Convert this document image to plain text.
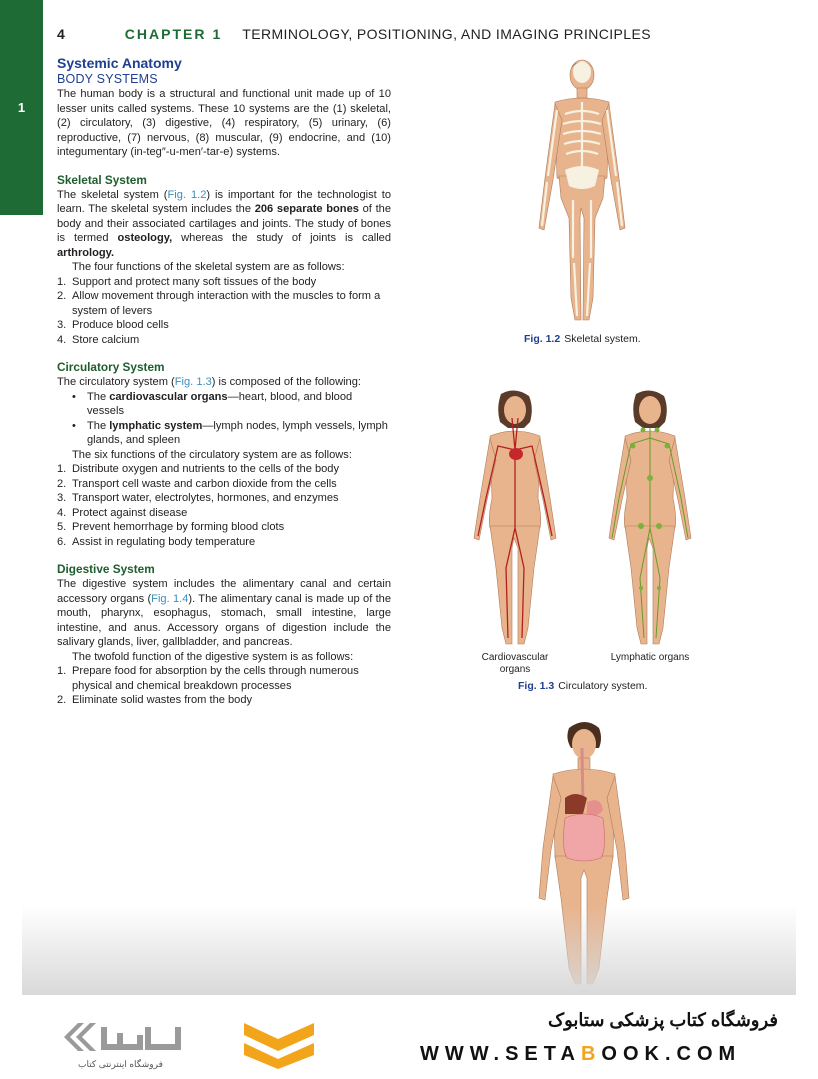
1
4	CHAPTER 1 TERMINOLOGY, POSITIONING, AND IMAGING PRINCIPLES
Systemic Anatomy
BODY SYSTEMS

The human body is a structural and functional unit made up of 10 lesser units called systems. These 10 systems are the (1) skeletal, (2) circulatory, (3) digestive, (4) respiratory, (5) urinary, (6) reproductive, (7) nervous, (8) muscular, (9) endocrine, and (10) integumentary (in-teg″-u-men′-tar-e) systems.

Skeletal System

The skeletal system (Fig. 1.2) is important for the technologist to learn. The skeletal system includes the 206 separate bones of the body and their associated cartilages and joints. The study of bones is termed osteology, whereas the study of joints is called arthrology.

The four functions of the skeletal system are as follows:

1. Support and protect many soft tissues of the body
2. Allow movement through interaction with the muscles to form a system of levers
3. Produce blood cells
4. Store calcium
Circulatory System

The circulatory system (Fig. 1.3) is composed of the following:

• The cardiovascular organs—heart, blood, and blood vessels
• The lymphatic system—lymph nodes, lymph vessels, lymph glands, and spleen

The six functions of the circulatory system are as follows:

1. Distribute oxygen and nutrients to the cells of the body
2. Transport cell waste and carbon dioxide from the cells
3. Transport water, electrolytes, hormones, and enzymes
4. Protect against disease
5. Prevent hemorrhage by forming blood clots
6. Assist in regulating body temperature
Digestive System

The digestive system includes the alimentary canal and certain accessory organs (Fig. 1.4). The alimentary canal is made up of the mouth, pharynx, esophagus, stomach, small intestine, large intestine, and anus. Accessory organs of digestion include the salivary glands, liver, gallbladder, and pancreas.

The twofold function of the digestive system is as follows:

1. Prepare food for absorption by the cells through numerous physical and chemical breakdown processes
2. Eliminate solid wastes from the body
Fig. 1.2 Skeletal system.
Cardiovascular organs
Lymphatic organs
Fig. 1.3 Circulatory system.
فروشگاه اینترنتی کتاب
فروشگاه کتاب پزشکی ستابوک
WWW.SETABOOK.COM
